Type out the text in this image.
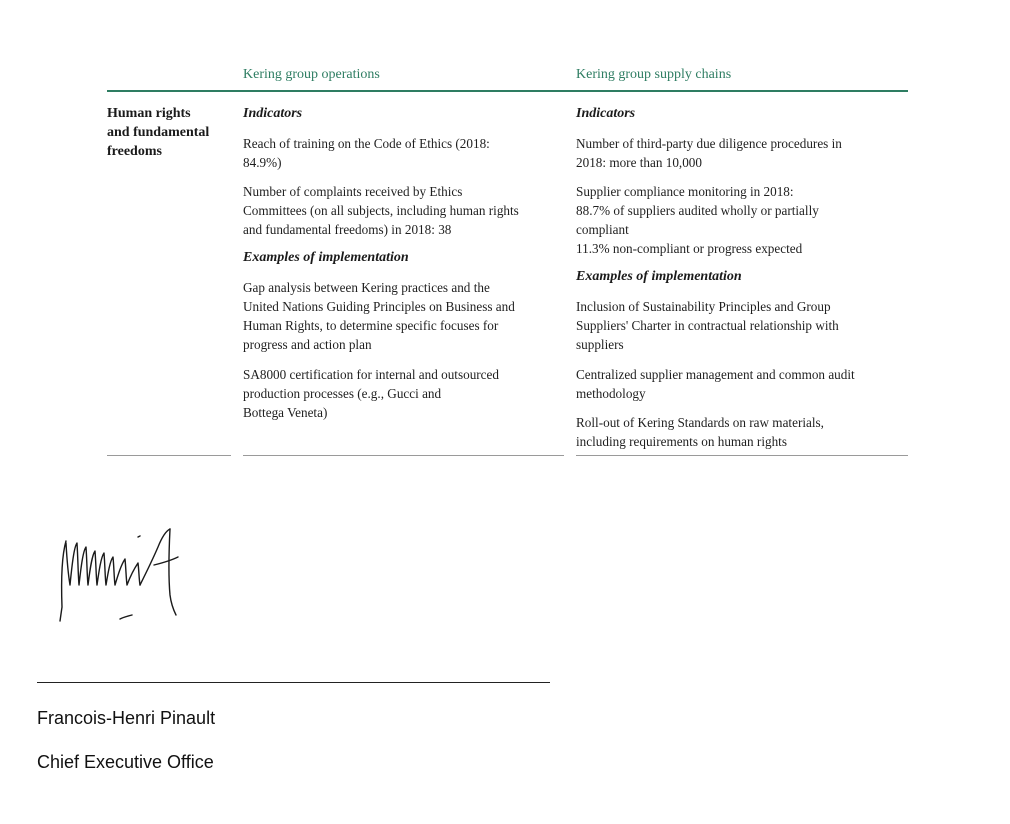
Kering group operations	Kering group supply chains
Human rights
and fundamental
freedoms
Indicators
Reach of training on the Code of Ethics (2018:
84.9%)
Number of complaints received by Ethics
Committees (on all subjects, including human rights
and fundamental freedoms) in 2018: 38
Examples of implementation
Gap analysis between Kering practices and the
United Nations Guiding Principles on Business and
Human Rights, to determine specific focuses for
progress and action plan
SA8000 certification for internal and outsourced
production processes (e.g., Gucci and
Bottega Veneta)
Indicators
Number of third-party due diligence procedures in
2018: more than 10,000
Supplier compliance monitoring in 2018:
88.7% of suppliers audited wholly or partially
compliant
11.3% non-compliant or progress expected
Examples of implementation
Inclusion of Sustainability Principles and Group
Suppliers' Charter in contractual relationship with
suppliers
Centralized supplier management and common audit
methodology
Roll-out of Kering Standards on raw materials,
including requirements on human rights
Francois-Henri Pinault
Chief Executive Office
